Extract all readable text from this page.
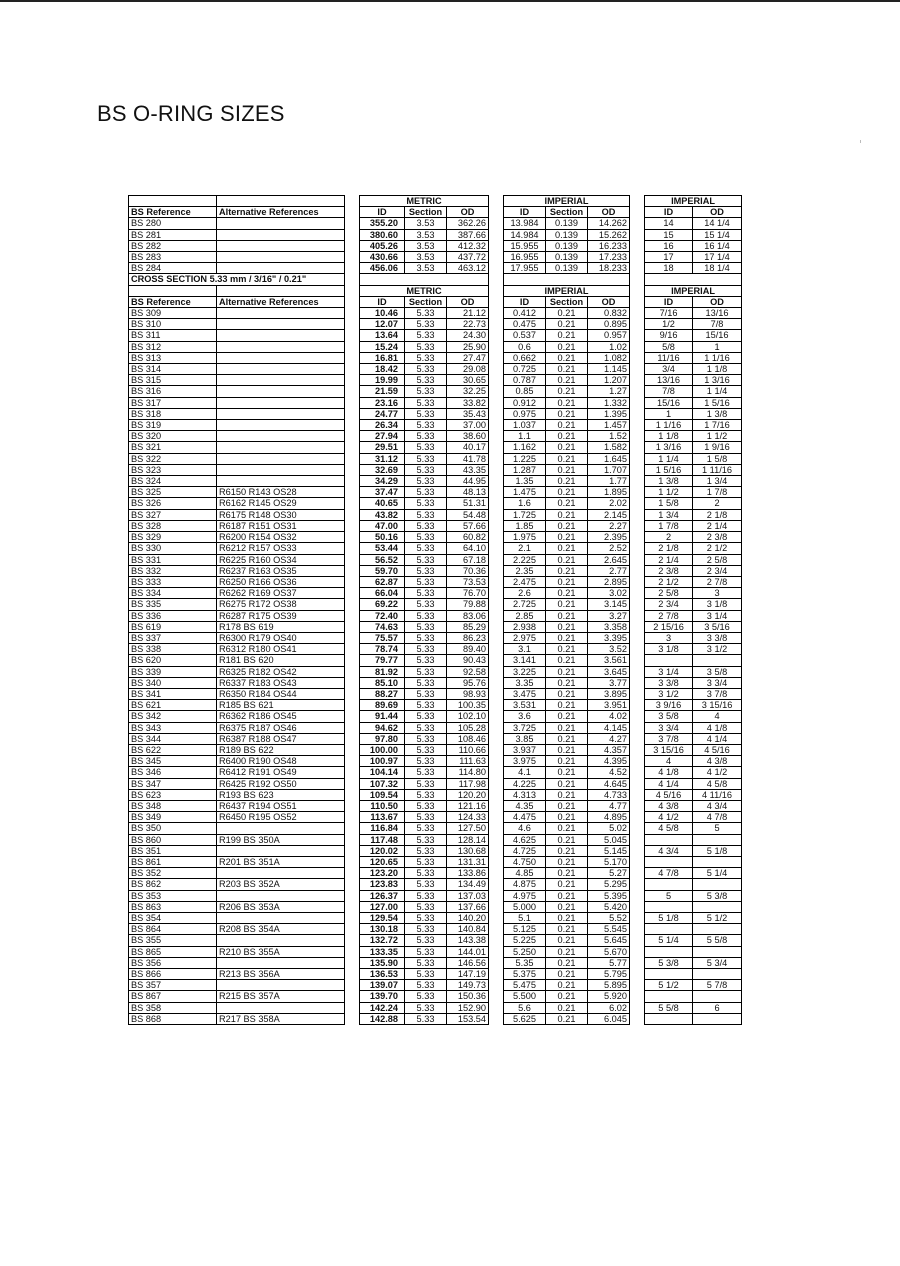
BS O-RING SIZES
			METRIC				IMPERIAL				IMPERIAL	
BS Reference	Alternative References		ID	Section	OD		ID	Section	OD		ID	OD
BS 280			355.20	3.53	362.26		13.984	0.139	14.262		14	14 1/4
BS 281			380.60	3.53	387.66		14.984	0.139	15.262		15	15 1/4
BS 282			405.26	3.53	412.32		15.955	0.139	16.233		16	16 1/4
BS 283			430.66	3.53	437.72		16.955	0.139	17.233		17	17 1/4
BS 284			456.06	3.53	463.12		17.955	0.139	18.233		18	18 1/4
CROSS SECTION 5.33 mm / 3/16" / 0.21"												
			METRIC				IMPERIAL				IMPERIAL	
BS Reference	Alternative References		ID	Section	OD		ID	Section	OD		ID	OD
BS 309			10.46	5.33	21.12		0.412	0.21	0.832		7/16	13/16
BS 310			12.07	5.33	22.73		0.475	0.21	0.895		1/2	7/8
BS 311			13.64	5.33	24.30		0.537	0.21	0.957		9/16	15/16
BS 312			15.24	5.33	25.90		0.6	0.21	1.02		5/8	1
BS 313			16.81	5.33	27.47		0.662	0.21	1.082		11/16	1 1/16
BS 314			18.42	5.33	29.08		0.725	0.21	1.145		3/4	1 1/8
BS 315			19.99	5.33	30.65		0.787	0.21	1.207		13/16	1 3/16
BS 316			21.59	5.33	32.25		0.85	0.21	1.27		7/8	1 1/4
BS 317			23.16	5.33	33.82		0.912	0.21	1.332		15/16	1 5/16
BS 318			24.77	5.33	35.43		0.975	0.21	1.395		1	1 3/8
BS 319			26.34	5.33	37.00		1.037	0.21	1.457		1 1/16	1 7/16
BS 320			27.94	5.33	38.60		1.1	0.21	1.52		1 1/8	1 1/2
BS 321			29.51	5.33	40.17		1.162	0.21	1.582		1 3/16	1 9/16
BS 322			31.12	5.33	41.78		1.225	0.21	1.645		1 1/4	1 5/8
BS 323			32.69	5.33	43.35		1.287	0.21	1.707		1 5/16	1 11/16
BS 324			34.29	5.33	44.95		1.35	0.21	1.77		1 3/8	1 3/4
BS 325	R6150 R143 OS28		37.47	5.33	48.13		1.475	0.21	1.895		1 1/2	1 7/8
BS 326	R6162 R145 OS29		40.65	5.33	51.31		1.6	0.21	2.02		1 5/8	2
BS 327	R6175 R148 OS30		43.82	5.33	54.48		1.725	0.21	2.145		1 3/4	2 1/8
BS 328	R6187 R151 OS31		47.00	5.33	57.66		1.85	0.21	2.27		1 7/8	2 1/4
BS 329	R6200 R154 OS32		50.16	5.33	60.82		1.975	0.21	2.395		2	2 3/8
BS 330	R6212 R157 OS33		53.44	5.33	64.10		2.1	0.21	2.52		2 1/8	2 1/2
BS 331	R6225 R160 OS34		56.52	5.33	67.18		2.225	0.21	2.645		2 1/4	2 5/8
BS 332	R6237 R163 OS35		59.70	5.33	70.36		2.35	0.21	2.77		2 3/8	2 3/4
BS 333	R6250 R166 OS36		62.87	5.33	73.53		2.475	0.21	2.895		2 1/2	2 7/8
BS 334	R6262 R169 OS37		66.04	5.33	76.70		2.6	0.21	3.02		2 5/8	3
BS 335	R6275 R172 OS38		69.22	5.33	79.88		2.725	0.21	3.145		2 3/4	3 1/8
BS 336	R6287 R175 OS39		72.40	5.33	83.06		2.85	0.21	3.27		2 7/8	3 1/4
BS 619	R178 BS 619		74.63	5.33	85.29		2.938	0.21	3.358		2 15/16	3 5/16
BS 337	R6300 R179 OS40		75.57	5.33	86.23		2.975	0.21	3.395		3	3 3/8
BS 338	R6312 R180 OS41		78.74	5.33	89.40		3.1	0.21	3.52		3 1/8	3 1/2
BS 620	R181 BS 620		79.77	5.33	90.43		3.141	0.21	3.561			
BS 339	R6325 R182 OS42		81.92	5.33	92.58		3.225	0.21	3.645		3 1/4	3 5/8
BS 340	R6337 R183 OS43		85.10	5.33	95.76		3.35	0.21	3.77		3 3/8	3 3/4
BS 341	R6350 R184 OS44		88.27	5.33	98.93		3.475	0.21	3.895		3 1/2	3 7/8
BS 621	R185 BS 621		89.69	5.33	100.35		3.531	0.21	3.951		3 9/16	3 15/16
BS 342	R6362 R186 OS45		91.44	5.33	102.10		3.6	0.21	4.02		3 5/8	4
BS 343	R6375 R187 OS46		94.62	5.33	105.28		3.725	0.21	4.145		3 3/4	4 1/8
BS 344	R6387 R188 OS47		97.80	5.33	108.46		3.85	0.21	4.27		3 7/8	4 1/4
BS 622	R189 BS 622		100.00	5.33	110.66		3.937	0.21	4.357		3 15/16	4 5/16
BS 345	R6400 R190 OS48		100.97	5.33	111.63		3.975	0.21	4.395		4	4 3/8
BS 346	R6412 R191 OS49		104.14	5.33	114.80		4.1	0.21	4.52		4 1/8	4 1/2
BS 347	R6425 R192 OS50		107.32	5.33	117.98		4.225	0.21	4.645		4 1/4	4 5/8
BS 623	R193 BS 623		109.54	5.33	120.20		4.313	0.21	4.733		4 5/16	4 11/16
BS 348	R6437 R194 OS51		110.50	5.33	121.16		4.35	0.21	4.77		4 3/8	4 3/4
BS 349	R6450 R195 OS52		113.67	5.33	124.33		4.475	0.21	4.895		4 1/2	4 7/8
BS 350			116.84	5.33	127.50		4.6	0.21	5.02		4 5/8	5
BS 860	R199 BS 350A		117.48	5.33	128.14		4.625	0.21	5.045			
BS 351			120.02	5.33	130.68		4.725	0.21	5.145		4 3/4	5 1/8
BS 861	R201 BS 351A		120.65	5.33	131.31		4.750	0.21	5.170			
BS 352			123.20	5.33	133.86		4.85	0.21	5.27		4 7/8	5 1/4
BS 862	R203 BS 352A		123.83	5.33	134.49		4.875	0.21	5.295			
BS 353			126.37	5.33	137.03		4.975	0.21	5.395		5	5 3/8
BS 863	R206 BS 353A		127.00	5.33	137.66		5.000	0.21	5.420			
BS 354			129.54	5.33	140.20		5.1	0.21	5.52		5 1/8	5 1/2
BS 864	R208 BS 354A		130.18	5.33	140.84		5.125	0.21	5.545			
BS 355			132.72	5.33	143.38		5.225	0.21	5.645		5 1/4	5 5/8
BS 865	R210 BS 355A		133.35	5.33	144.01		5.250	0.21	5.670			
BS 356			135.90	5.33	146.56		5.35	0.21	5.77		5 3/8	5 3/4
BS 866	R213 BS 356A		136.53	5.33	147.19		5.375	0.21	5.795			
BS 357			139.07	5.33	149.73		5.475	0.21	5.895		5 1/2	5 7/8
BS 867	R215 BS 357A		139.70	5.33	150.36		5.500	0.21	5.920			
BS 358			142.24	5.33	152.90		5.6	0.21	6.02		5 5/8	6
BS 868	R217 BS 358A		142.88	5.33	153.54		5.625	0.21	6.045			
